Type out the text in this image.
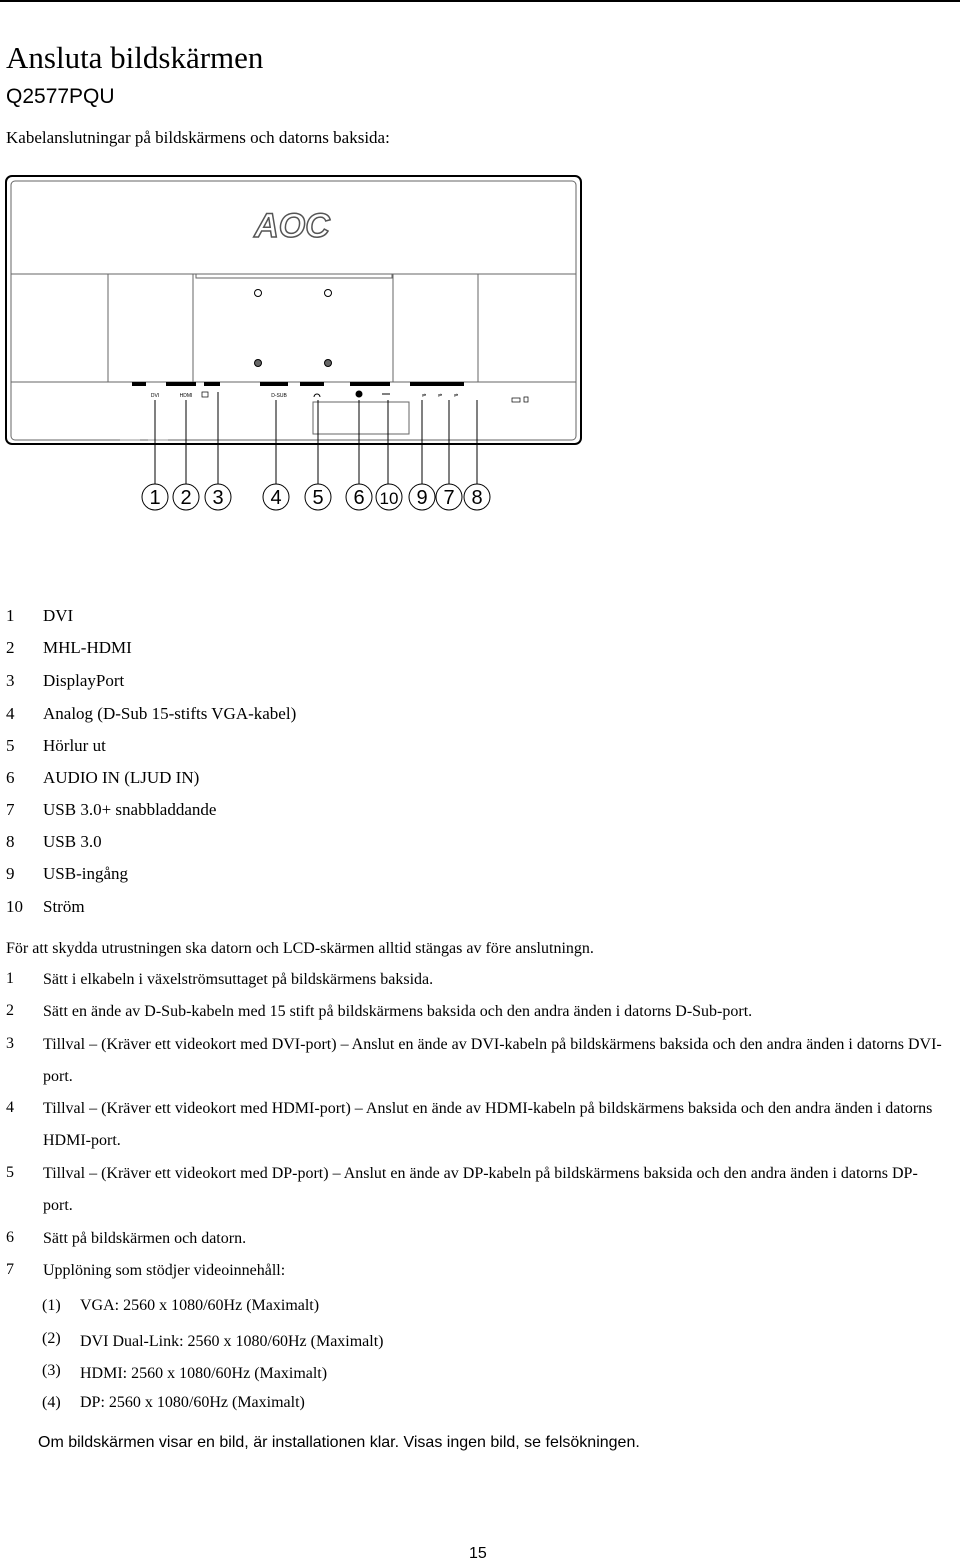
Ansluta bildskärmen
Q2577PQU
Kabelanslutningar på bildskärmens och datorns baksida:
AOC
DVI	HDMI	D-SUB	⇌ ⇌ ⇌
1 2 3 4 5 6 10 9 7 8
1	DVI
2	MHL-HDMI
3	DisplayPort
4	Analog (D-Sub 15-stifts VGA-kabel)
5	Hörlur ut
6	AUDIO IN (LJUD IN)
7	USB 3.0+ snabbladdande
8	USB 3.0
9	USB-ingång
10	Ström
För att skydda utrustningen ska datorn och LCD-skärmen alltid stängas av före anslutningn.
1 Sätt i elkabeln i växelströmsuttaget på bildskärmens baksida.
2 Sätt en ände av D-Sub-kabeln med 15 stift på bildskärmens baksida och den andra änden i datorns D-Sub-port.
3 Tillval – (Kräver ett videokort med DVI-port) – Anslut en ände av DVI-kabeln på bildskärmens baksida och den andra änden i datorns DVI-port.
4 Tillval – (Kräver ett videokort med HDMI-port) – Anslut en ände av HDMI-kabeln på bildskärmens baksida och den andra änden i datorns HDMI-port.
5 Tillval – (Kräver ett videokort med DP-port) – Anslut en ände av DP-kabeln på bildskärmens baksida och den andra änden i datorns DP-port.
6 Sätt på bildskärmen och datorn.
7 Upplöning som stödjer videoinnehåll:
(1) VGA: 2560 x 1080/60Hz (Maximalt)
(2) DVI Dual-Link: 2560 x 1080/60Hz (Maximalt)
(3) HDMI: 2560 x 1080/60Hz (Maximalt)
(4) DP: 2560 x 1080/60Hz (Maximalt)
Om bildskärmen visar en bild, är installationen klar. Visas ingen bild, se felsökningen.
15
